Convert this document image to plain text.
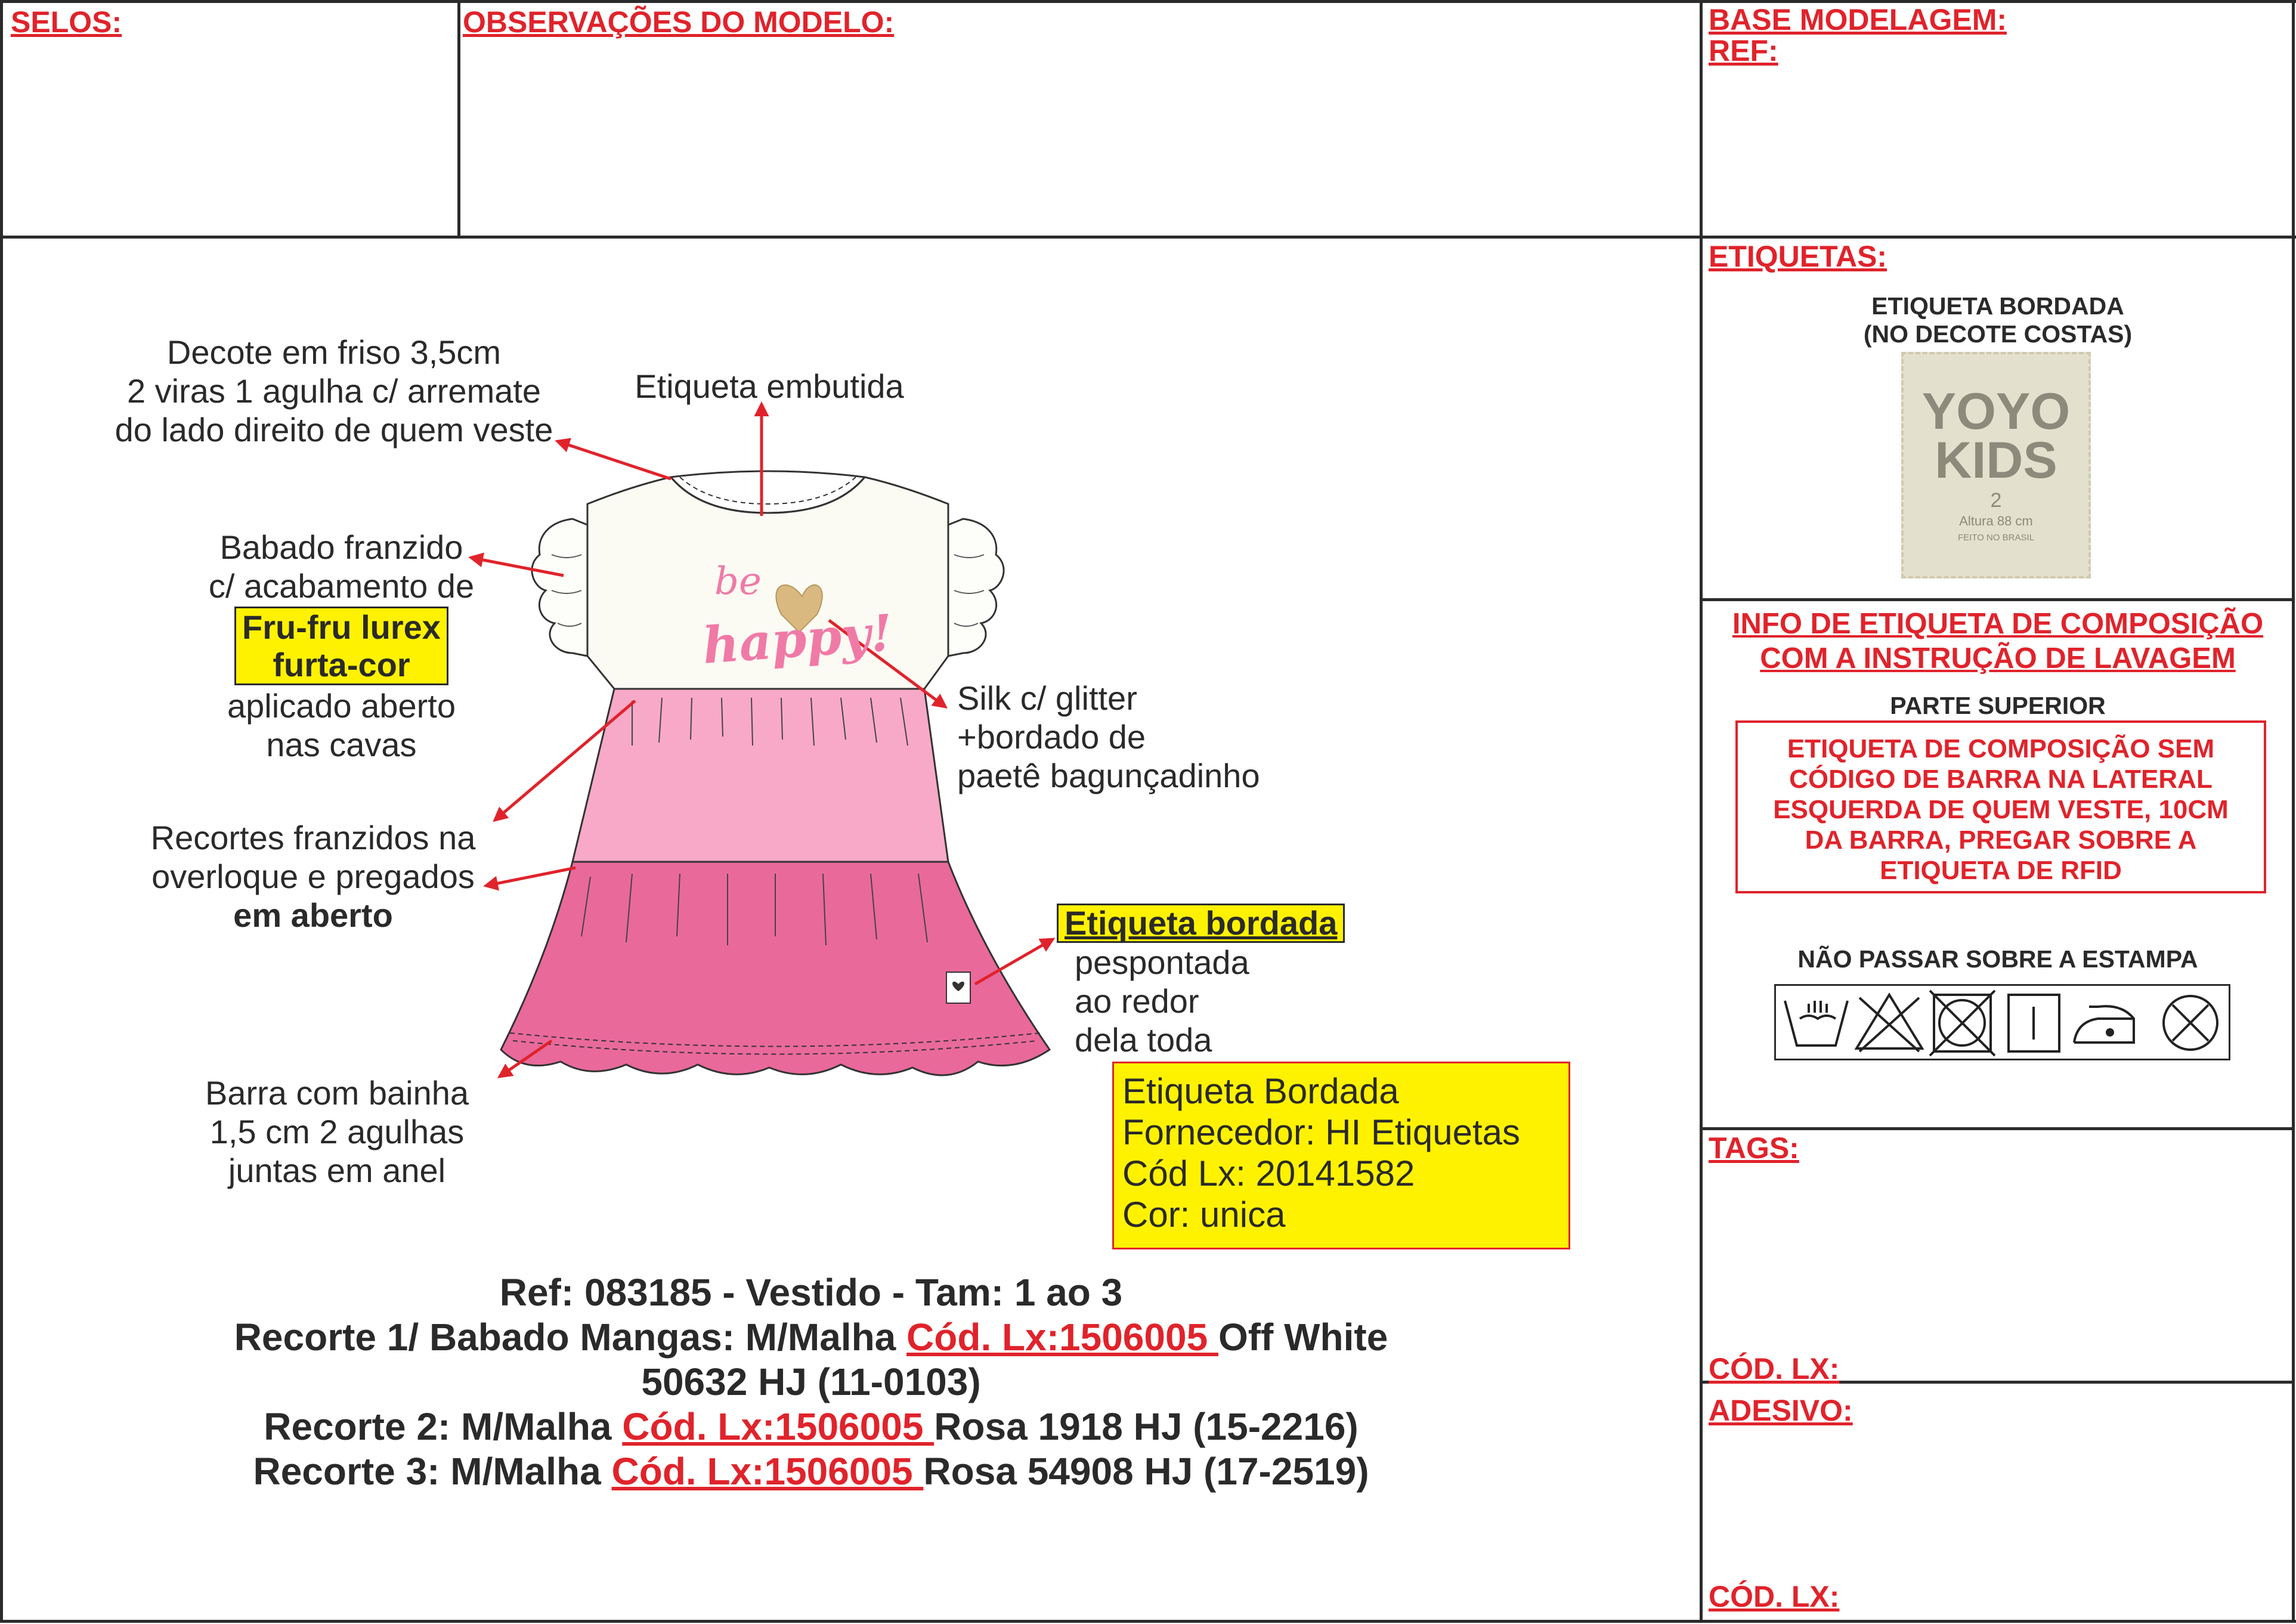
SELOS:	OBSERVAÇÕES DO MODELO:	BASE MODELAGEM:
REF:
be
happy!
Decote em friso 3,5cm
2 viras 1 agulha c/ arremate
do lado direito de quem veste
Etiqueta embutida
Babado franzido
c/ acabamento de
Fru-fru lurex
furta-cor
aplicado aberto
nas cavas
Silk c/ glitter
+bordado de
paetê bagunçadinho
Recortes franzidos na
overloque e pregados
em aberto	Etiqueta bordada
pespontada
ao redor
dela toda
Barra com bainha
1,5 cm 2 agulhas
juntas em anel
Etiqueta Bordada
Fornecedor: HI Etiquetas
Cód Lx: 20141582
Cor: unica
Ref: 083185 - Vestido - Tam: 1 ao 3
Recorte 1/ Babado Mangas: M/Malha Cód. Lx:1506005 Off White
50632 HJ (11-0103)
Recorte 2: M/Malha Cód. Lx:1506005 Rosa 1918 HJ (15-2216)
Recorte 3: M/Malha Cód. Lx:1506005 Rosa 54908 HJ (17-2519)
ETIQUETAS:
ETIQUETA BORDADA
(NO DECOTE COSTAS)
YOYO
KIDS
2
Altura 88 cm
FEITO NO BRASIL
INFO DE ETIQUETA DE COMPOSIÇÃO
COM A INSTRUÇÃO DE LAVAGEM
PARTE SUPERIOR
ETIQUETA DE COMPOSIÇÃO SEM
CÓDIGO DE BARRA NA LATERAL
ESQUERDA DE QUEM VESTE, 10CM
DA BARRA, PREGAR SOBRE A
ETIQUETA DE RFID
NÃO PASSAR SOBRE A ESTAMPA
TAGS:
CÓD. LX:
ADESIVO:
CÓD. LX:
